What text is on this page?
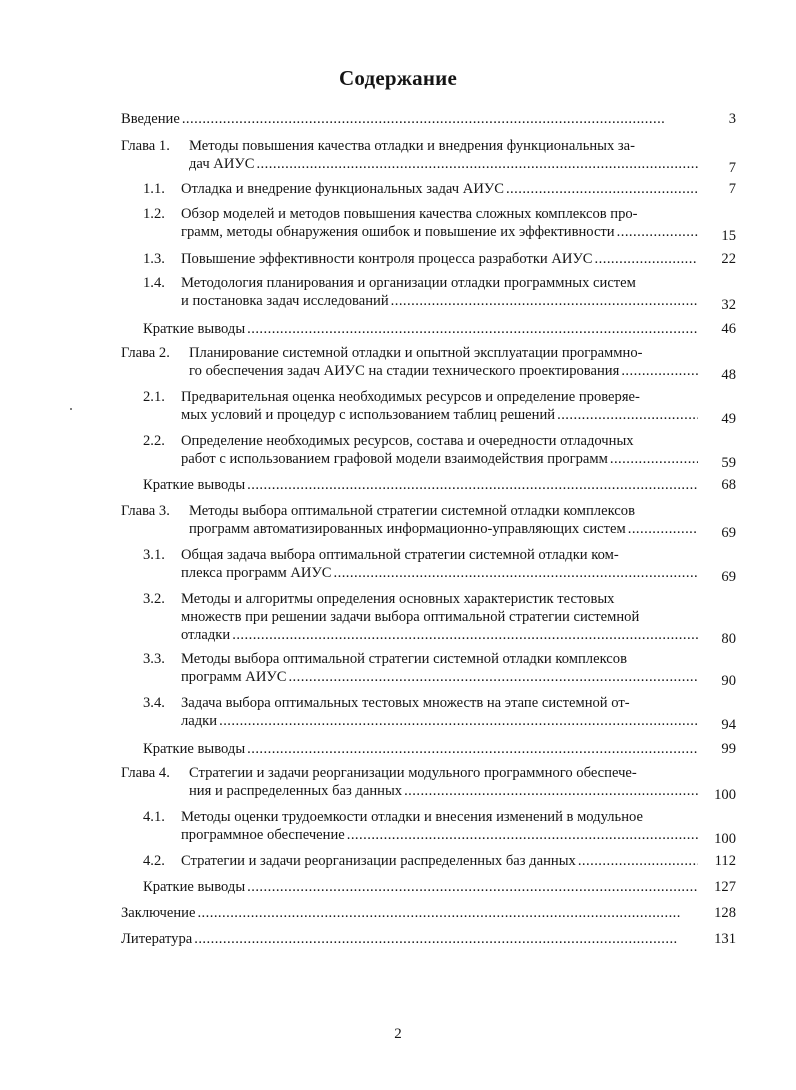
Содержание
Введение . . .	3
Глава 1. Методы повышения качества отладки и внедрения функциональных за-
дач АИУС . . .	7
1.1. Отладка и внедрение функциональных задач АИУС . . .	7
1.2. Обзор моделей и методов повышения качества сложных комплексов про-
грамм, методы обнаружения ошибок и повышение их эффективности . . .	15
1.3. Повышение эффективности контроля процесса разработки АИУС . . .	22
1.4. Методология планирования и организации отладки программных систем
и постановка задач исследований . . .	32
Краткие выводы . . .	46
Глава 2. Планирование системной отладки и опытной эксплуатации программно-
го обеспечения задач АИУС на стадии технического проектирования . . .	48
2.1. Предварительная оценка необходимых ресурсов и определение проверяе-
мых условий и процедур с использованием таблиц решений . . .	49
2.2. Определение необходимых ресурсов, состава и очередности отладочных
работ с использованием графовой модели взаимодействия программ . . .	59
Краткие выводы . . .	68
Глава 3. Методы выбора оптимальной стратегии системной отладки комплексов
программ автоматизированных информационно-управляющих систем . . .	69
3.1. Общая задача выбора оптимальной стратегии системной отладки ком-
плекса программ АИУС . . .	69
3.2. Методы и алгоритмы определения основных характеристик тестовых
множеств при решении задачи выбора оптимальной стратегии системной
отладки . . .	80
3.3. Методы выбора оптимальной стратегии системной отладки комплексов
программ АИУС . . .	90
3.4. Задача выбора оптимальных тестовых множеств на этапе системной от-
ладки . . .	94
Краткие выводы . . .	99
Глава 4. Стратегии и задачи реорганизации модульного программного обеспече-
ния и распределенных баз данных . . .	100
4.1. Методы оценки трудоемкости отладки и внесения изменений в модульное
программное обеспечение . . .	100
4.2. Стратегии и задачи реорганизации распределенных баз данных . . .	112
Краткие выводы . . .	127
Заключение . . .	128
Литература . . .	131
2
